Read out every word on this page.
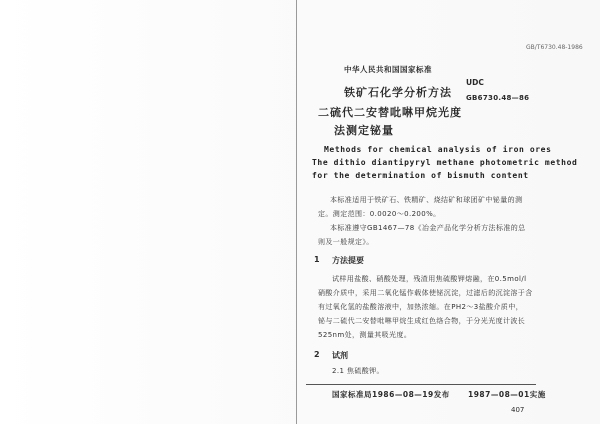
GB/T6730.48-1986
中华人民共和国国家标准
UDC
GB6730.48—86
铁矿石化学分析方法
二硫代二安替吡啉甲烷光度
法测定铋量
Methods for chemical analysis of iron ores
The dithio diantipyryl methane photometric method
for the determination of bismuth content
本标准适用于铁矿石、铁精矿、烧结矿和球团矿中铋量的测
定。测定范围：0.0020～0.200%。
本标准遵守GB1467—78《冶金产品化学分析方法标准的总
则及一般规定》。
1 方法提要
试样用盐酸、硝酸处理，残渣用焦硫酸钾熔融，在0.5mol/l
硝酸介质中，采用二氧化锰作载体使铋沉淀，过滤后的沉淀溶于含
有过氧化氢的盐酸溶液中，加热浓缩。在PH2～3盐酸介质中，
铋与二硫代二安替吡啉甲烷生成红色络合物，于分光光度计波长
525nm处，测量其吸光度。
2 试剂
2.1 焦硫酸钾。
国家标准局1986—08—19发布 1987—08—01实施
407
